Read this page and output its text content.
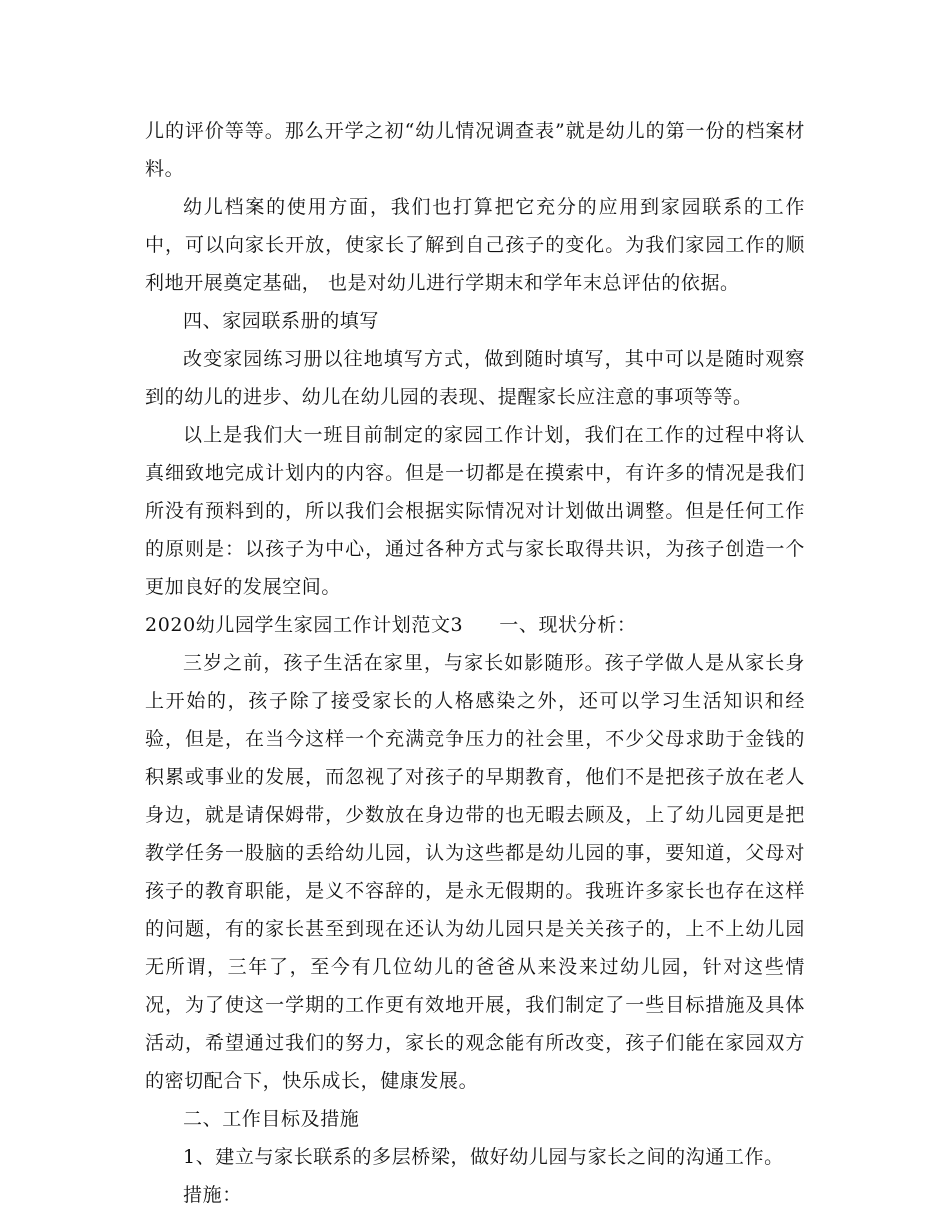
儿的评价等等。那么开学之初“幼儿情况调查表”就是幼儿的第一份的档案材料。

幼儿档案的使用方面，我们也打算把它充分的应用到家园联系的工作中，可以向家长开放，使家长了解到自己孩子的变化。为我们家园工作的顺利地开展奠定基础， 也是对幼儿进行学期末和学年末总评估的依据。

四、家园联系册的填写

改变家园练习册以往地填写方式，做到随时填写，其中可以是随时观察到的幼儿的进步、幼儿在幼儿园的表现、提醒家长应注意的事项等等。

以上是我们大一班目前制定的家园工作计划，我们在工作的过程中将认真细致地完成计划内的内容。但是一切都是在摸索中，有许多的情况是我们所没有预料到的，所以我们会根据实际情况对计划做出调整。但是任何工作的原则是：以孩子为中心，通过各种方式与家长取得共识，为孩子创造一个更加良好的发展空间。

2020幼儿园学生家园工作计划范文3 一、现状分析：

三岁之前，孩子生活在家里，与家长如影随形。孩子学做人是从家长身上开始的，孩子除了接受家长的人格感染之外，还可以学习生活知识和经验，但是，在当今这样一个充满竞争压力的社会里，不少父母求助于金钱的积累或事业的发展，而忽视了对孩子的早期教育，他们不是把孩子放在老人身边，就是请保姆带，少数放在身边带的也无暇去顾及，上了幼儿园更是把教学任务一股脑的丢给幼儿园，认为这些都是幼儿园的事，要知道，父母对孩子的教育职能，是义不容辞的，是永无假期的。我班许多家长也存在这样的问题，有的家长甚至到现在还认为幼儿园只是关关孩子的，上不上幼儿园无所谓，三年了，至今有几位幼儿的爸爸从来没来过幼儿园，针对这些情况，为了使这一学期的工作更有效地开展，我们制定了一些目标措施及具体活动，希望通过我们的努力，家长的观念能有所改变，孩子们能在家园双方的密切配合下，快乐成长，健康发展。

二、工作目标及措施

1、建立与家长联系的多层桥梁，做好幼儿园与家长之间的沟通工作。

措施：
